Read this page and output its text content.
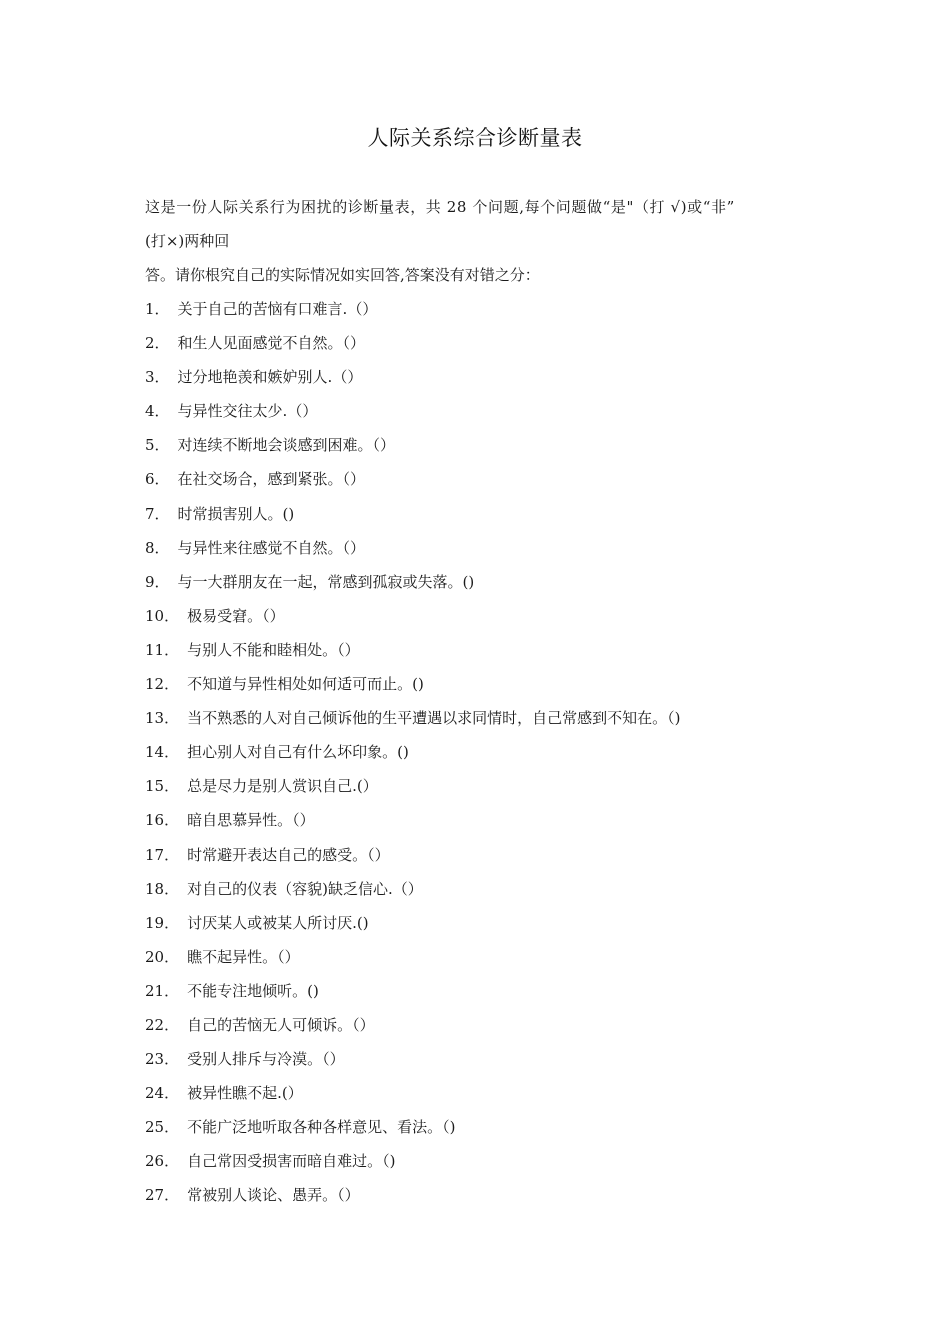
人际关系综合诊断量表
这是一份人际关系行为困扰的诊断量表，共 28 个问题,每个问题做“是"（打 √)或“非”
(打×)两种回
答。请你根究自己的实际情况如实回答,答案没有对错之分：
1． 关于自己的苦恼有口难言.（）
2． 和生人见面感觉不自然。（）
3． 过分地艳羡和嫉妒别人.（）
4． 与异性交往太少.（）
5． 对连续不断地会谈感到困难。（）
6． 在社交场合，感到紧张。（）
7． 时常损害别人。()
8． 与异性来往感觉不自然。（）
9． 与一大群朋友在一起，常感到孤寂或失落。()
10． 极易受窘。（）
11． 与别人不能和睦相处。（）
12． 不知道与异性相处如何适可而止。()
13． 当不熟悉的人对自己倾诉他的生平遭遇以求同情时，自己常感到不知在。（)
14． 担心别人对自己有什么坏印象。()
15． 总是尽力是别人赏识自己.(）
16． 暗自思慕异性。（）
17． 时常避开表达自己的感受。（）
18． 对自己的仪表（容貌)缺乏信心.（）
19． 讨厌某人或被某人所讨厌.()
20． 瞧不起异性。（）
21． 不能专注地倾听。()
22． 自己的苦恼无人可倾诉。（）
23． 受别人排斥与冷漠。（）
24． 被异性瞧不起.(）
25． 不能广泛地听取各种各样意见、看法。（)
26． 自己常因受损害而暗自难过。（)
27． 常被别人谈论、愚弄。（）
